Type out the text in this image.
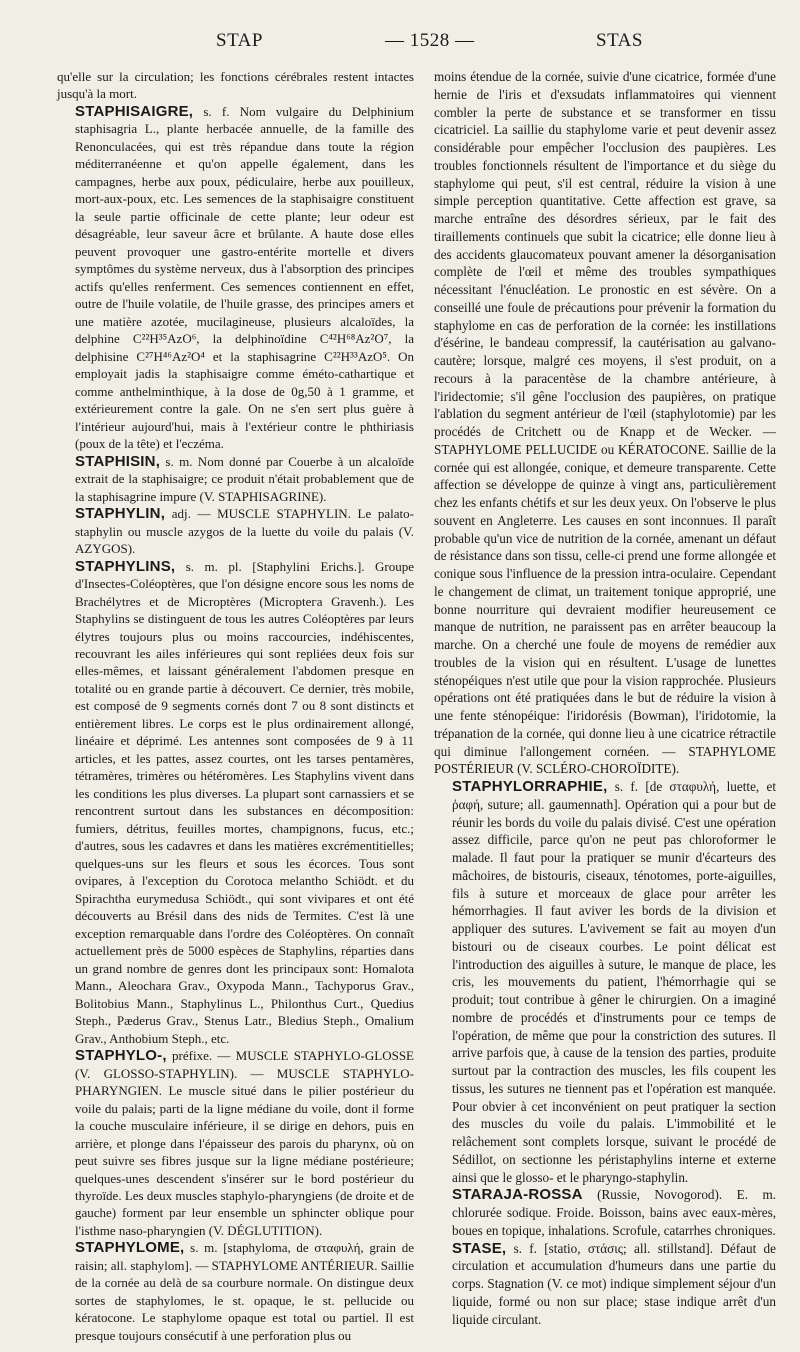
STAP	— 1528 —	STAS
qu'elle sur la circulation; les fonctions cérébrales restent intactes jusqu'à la mort.
STAPHISAIGRE, s. f. Nom vulgaire du Delphinium staphisagria L., plante herbacée annuelle, de la famille des Renonculacées, qui est très répandue dans toute la région méditerranéenne et qu'on appelle également, dans les campagnes, herbe aux poux, pédiculaire, herbe aux pouilleux, mort-aux-poux, etc. Les semences de la staphisaigre constituent la seule partie officinale de cette plante; leur odeur est désagréable, leur saveur âcre et brûlante. A haute dose elles peuvent provoquer une gastro-entérite mortelle et divers symptômes du système nerveux, dus à l'absorption des principes actifs qu'elles renferment. Ces semences contiennent en effet, outre de l'huile volatile, de l'huile grasse, des principes amers et une matière azotée, mucilagineuse, plusieurs alcaloïdes, la delphine C²²H³⁵AzO⁶, la delphinoïdine C⁴²H⁶⁸Az²O⁷, la delphisine C²⁷H⁴⁶Az²O⁴ et la staphisagrine C²²H³³AzO⁵. On employait jadis la staphisaigre comme éméto-cathartique et comme anthelminthique, à la dose de 0g,50 à 1 gramme, et extérieurement contre la gale. On ne s'en sert plus guère à l'intérieur aujourd'hui, mais à l'extérieur contre le phthiriasis (poux de la tête) et l'eczéma.
STAPHISIN, s. m. Nom donné par Couerbe à un alcaloïde extrait de la staphisaigre; ce produit n'était probablement que de la staphisagrine impure (V. STAPHISAGRINE).
STAPHYLIN, adj. — MUSCLE STAPHYLIN. Le palato-staphylin ou muscle azygos de la luette du voile du palais (V. AZYGOS).
STAPHYLINS, s. m. pl. [Staphylini Erichs.]. Groupe d'Insectes-Coléoptères, que l'on désigne encore sous les noms de Brachélytres et de Microptères (Micropteга Gravenh.). Les Staphylins se distinguent de tous les autres Coléoptères par leurs élytres toujours plus ou moins raccourcies, indéhiscentes, recouvrant les ailes inférieures qui sont repliées deux fois sur elles-mêmes, et laissant généralement l'abdomen presque en totalité ou en grande partie à découvert. Ce dernier, très mobile, est composé de 9 segments cornés dont 7 ou 8 sont distincts et entièrement libres. Le corps est le plus ordinairement allongé, linéaire et déprimé. Les antennes sont composées de 9 à 11 articles, et les pattes, assez courtes, ont les tarses pentamères, tétramères, trimères ou hétéromères. Les Staphylins vivent dans les conditions les plus diverses. La plupart sont carnassiers et se rencontrent surtout dans les substances en décomposition: fumiers, détritus, feuilles mortes, champignons, fucus, etc.; d'autres, sous les cadavres et dans les matières excrémentitielles; quelques-uns sur les fleurs et sous les écorces. Tous sont ovipares, à l'exception du Corotoca melantho Schiödt. et du Spirachtha eurymedusa Schiödt., qui sont vivipares et ont été découverts au Brésil dans des nids de Termites. C'est là une exception remarquable dans l'ordre des Coléoptères. On connaît actuellement près de 5000 espèces de Staphylins, réparties dans un grand nombre de genres dont les principaux sont: Homalota Mann., Aleochara Grav., Oxypoda Mann., Tachyporus Grav., Bolitobius Mann., Staphylinus L., Philonthus Curt., Quedius Steph., Pæderus Grav., Stenus Latr., Bledius Steph., Omalium Grav., Anthobium Steph., etc.
STAPHYLO-, préfixe. — MUSCLE STAPHYLO-GLOSSE (V. GLOSSO-STAPHYLIN). — MUSCLE STAPHYLO-PHARYNGIEN. Le muscle situé dans le pilier postérieur du voile du palais; parti de la ligne médiane du voile, dont il forme la couche musculaire inférieure, il se dirige en dehors, puis en arrière, et plonge dans l'épaisseur des parois du pharynx, où on peut suivre ses fibres jusque sur la ligne médiane postérieure; quelques-unes descendent s'insérer sur le bord postérieur du thyroïde. Les deux muscles staphylo-pharyngiens (de droite et de gauche) forment par leur ensemble un sphincter oblique pour l'isthme naso-pharyngien (V. DÉGLUTITION).
STAPHYLOME, s. m. [staphyloma, de σταφυλή, grain de raisin; all. staphylom]. — STAPHYLOME ANTÉRIEUR. Saillie de la cornée au delà de sa courbure normale. On distingue deux sortes de staphylomes, le st. opaque, le st. pellucide ou kératocone. Le staphylome opaque est total ou partiel. Il est presque toujours consécutif à une perforation plus ou
moins étendue de la cornée, suivie d'une cicatrice, formée d'une hernie de l'iris et d'exsudats inflammatoires qui viennent combler la perte de substance et se transformer en tissu cicatriciel. La saillie du staphylome varie et peut devenir assez considérable pour empêcher l'occlusion des paupières. Les troubles fonctionnels résultent de l'importance et du siège du staphylome qui peut, s'il est central, réduire la vision à une simple perception quantitative. Cette affection est grave, sa marche entraîne des désordres sérieux, par le fait des tiraillements continuels que subit la cicatrice; elle donne lieu à des accidents glaucomateux pouvant amener la désorganisation complète de l'œil et même des troubles sympathiques nécessitant l'énucléation. Le pronostic en est sévère. On a conseillé une foule de précautions pour prévenir la formation du staphylome en cas de perforation de la cornée: les instillations d'ésérine, le bandeau compressif, la cautérisation au galvano-cautère; lorsque, malgré ces moyens, il s'est produit, on a recours à la paracentèse de la chambre antérieure, à l'iridectomie; s'il gêne l'occlusion des paupières, on pratique l'ablation du segment antérieur de l'œil (staphylotomie) par les procédés de Critchett ou de Knapp et de Wecker. — STAPHYLOME PELLUCIDE ou KÉRATOCONE. Saillie de la cornée qui est allongée, conique, et demeure transparente. Cette affection se développe de quinze à vingt ans, particulièrement chez les enfants chétifs et sur les deux yeux. On l'observe le plus souvent en Angleterre. Les causes en sont inconnues. Il paraît probable qu'un vice de nutrition de la cornée, amenant un défaut de résistance dans son tissu, celle-ci prend une forme allongée et conique sous l'influence de la pression intra-oculaire. Cependant le changement de climat, un traitement tonique approprié, une bonne nourriture qui devraient modifier heureusement ce manque de nutrition, ne paraissent pas en arrêter beaucoup la marche. On a cherché une foule de moyens de remédier aux troubles de la vision qui en résultent. L'usage de lunettes sténopéiques n'est utile que pour la vision rapprochée. Plusieurs opérations ont été pratiquées dans le but de réduire la vision à une fente sténopéique: l'iridorésis (Bowman), l'iridotomie, la trépanation de la cornée, qui donne lieu à une cicatrice rétractile qui diminue l'allongement cornéen. — STAPHYLOME POSTÉRIEUR (V. SCLÉRO-CHOROÏDITE).
STAPHYLORRAPHIE, s. f. [de σταφυλή, luette, et ῥαφή, suture; all. gaumennath]. Opération qui a pour but de réunir les bords du voile du palais divisé. C'est une opération assez difficile, parce qu'on ne peut pas chloroformer le malade. Il faut pour la pratiquer se munir d'écarteurs des mâchoires, de bistouris, ciseaux, ténotomes, porte-aiguilles, fils à suture et morceaux de glace pour arrêter les hémorrhagies. Il faut aviver les bords de la division et appliquer des sutures. L'avivement se fait au moyen d'un bistouri ou de ciseaux courbes. Le point délicat est l'introduction des aiguilles à suture, le manque de place, les cris, les mouvements du patient, l'hémorrhagie qui se produit; tout contribue à gêner le chirurgien. On a imaginé nombre de procédés et d'instruments pour ce temps de l'opération, de même que pour la constriction des sutures. Il arrive parfois que, à cause de la tension des parties, produite surtout par la contraction des muscles, les fils coupent les tissus, les sutures ne tiennent pas et l'opération est manquée. Pour obvier à cet inconvénient on peut pratiquer la section des muscles du voile du palais. L'immobilité et le relâchement sont complets lorsque, suivant le procédé de Sédillot, on sectionne les péristaphylins interne et externe ainsi que le glosso- et le pharyngo-staphylin.
STARAJA-ROSSA (Russie, Novogorod). E. m. chlorurée sodique. Froide. Boisson, bains avec eaux-mères, boues en topique, inhalations. Scrofule, catarrhes chroniques.
STASE, s. f. [statio, στάσις; all. stillstand]. Défaut de circulation et accumulation d'humeurs dans une partie du corps. Stagnation (V. ce mot) indique simplement séjour d'un liquide, formé ou non sur place; stase indique arrêt d'un liquide circulant.
